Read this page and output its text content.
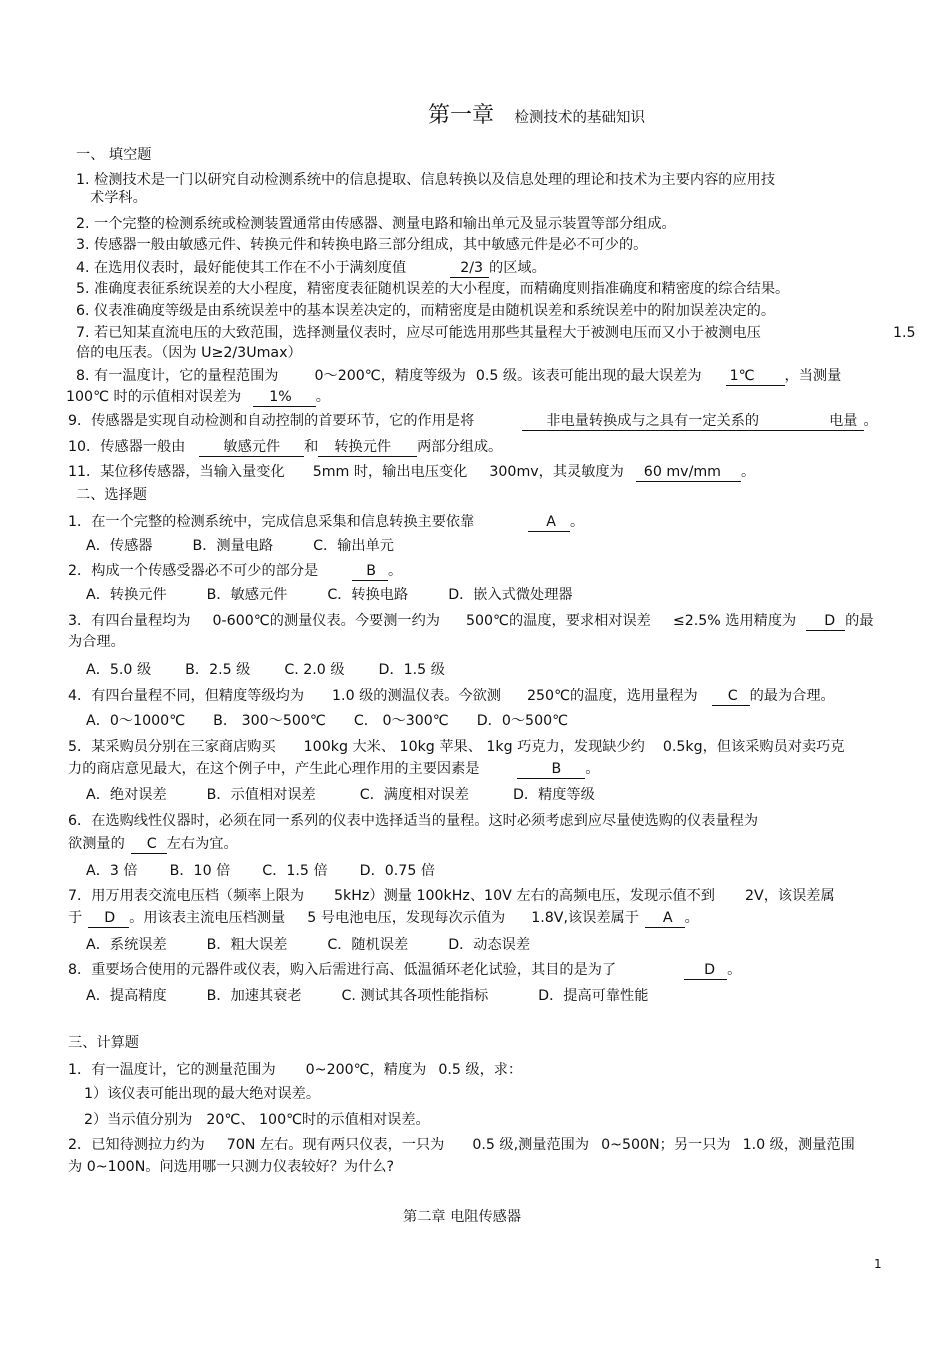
第一章 检测技术的基础知识
一、 填空题
1. 检测技术是一门以研究自动检测系统中的信息提取、信息转换以及信息处理的理论和技术为主要内容的应用技
术学科。
2. 一个完整的检测系统或检测装置通常由传感器、测量电路和输出单元及显示装置等部分组成。
3. 传感器一般由敏感元件、转换元件和转换电路三部分组成，其中敏感元件是必不可少的。
4. 在选用仪表时，最好能使其工作在不小于满刻度值	2/3 的区域。
5. 准确度表征系统误差的大小程度，精密度表征随机误差的大小程度，而精确度则指准确度和精密度的综合结果。
6. 仪表准确度等级是由系统误差中的基本误差决定的，而精密度是由随机误差和系统误差中的附加误差决定的。
7. 若已知某直流电压的大致范围，选择测量仪表时，应尽可能选用那些其量程大于被测电压而又小于被测电压	1.5
倍的电压表。（因为 U≥2/3Umax）
8. 有一温度计，它的量程范围为	0～200℃，精度等级为 0.5 级。该表可能出现的最大误差为 1℃ ，当测量
100℃ 时的示值相对误差为 1% 。
9．传感器是实现自动检测和自动控制的首要环节，它的作用是将	非电量转换成与之具有一定关系的	电量 。
10．传感器一般由	敏感元件 和 转换元件 两部分组成。
11．某位移传感器，当输入量变化 5mm 时，输出电压变化 300mv，其灵敏度为 60 mv/mm 。
二、选择题
1．在一个完整的检测系统中，完成信息采集和信息转换主要依靠	A 。
A．传感器	B．测量电路	C．输出单元
2．构成一个传感受器必不可少的部分是	B 。
A．转换元件	B．敏感元件	C．转换电路	D．嵌入式微处理器
3．有四台量程均为 0-600℃的测量仪表。今要测一约为 500℃的温度，要求相对误差 ≤2.5% 选用精度为 D 的最
为合理。
A．5.0 级 B．2.5 级 C. 2.0 级 D．1.5 级
4．有四台量程不同，但精度等级均为 1.0 级的测温仪表。今欲测 250℃的温度，选用量程为 C 的最为合理。
A．0～1000℃ B． 300～500℃ C． 0～300℃ D．0～500℃
5．某采购员分别在三家商店购买 100kg 大米、 10kg 苹果、 1kg 巧克力，发现缺少约 0.5kg，但该采购员对卖巧克
力的商店意见最大，在这个例子中，产生此心理作用的主要因素是	B 。
A．绝对误差	B．示值相对误差	C．满度相对误差	D．精度等级
6．在选购线性仪器时，必须在同一系列的仪表中选择适当的量程。这时必须考虑到应尽量使选购的仪表量程为
欲测量的 C 左右为宜。
A．3 倍 B．10 倍 C．1.5 倍 D．0.75 倍
7．用万用表交流电压档（频率上限为 5kHz）测量 100kHz、10V 左右的高频电压，发现示值不到 2V，该误差属
于 D 。用该表主流电压档测量 5 号电池电压，发现每次示值为 1.8V,该误差属于 A 。
A．系统误差	B．粗大误差	C．随机误差	D．动态误差
8．重要场合使用的元器件或仪表，购入后需进行高、低温循环老化试验，其目的是为了	D 。
A．提高精度	B．加速其衰老	C. 测试其各项性能指标	D．提高可靠性能
三、计算题
1．有一温度计，它的测量范围为 0~200℃，精度为 0.5 级，求：
1）该仪表可能出现的最大绝对误差。
2）当示值分别为 20℃、 100℃时的示值相对误差。
2．已知待测拉力约为 70N 左右。现有两只仪表，一只为 0.5 级,测量范围为 0~500N；另一只为 1.0 级，测量范围
为 0~100N。问选用哪一只测力仪表较好？为什么?
第二章 电阻传感器
1
